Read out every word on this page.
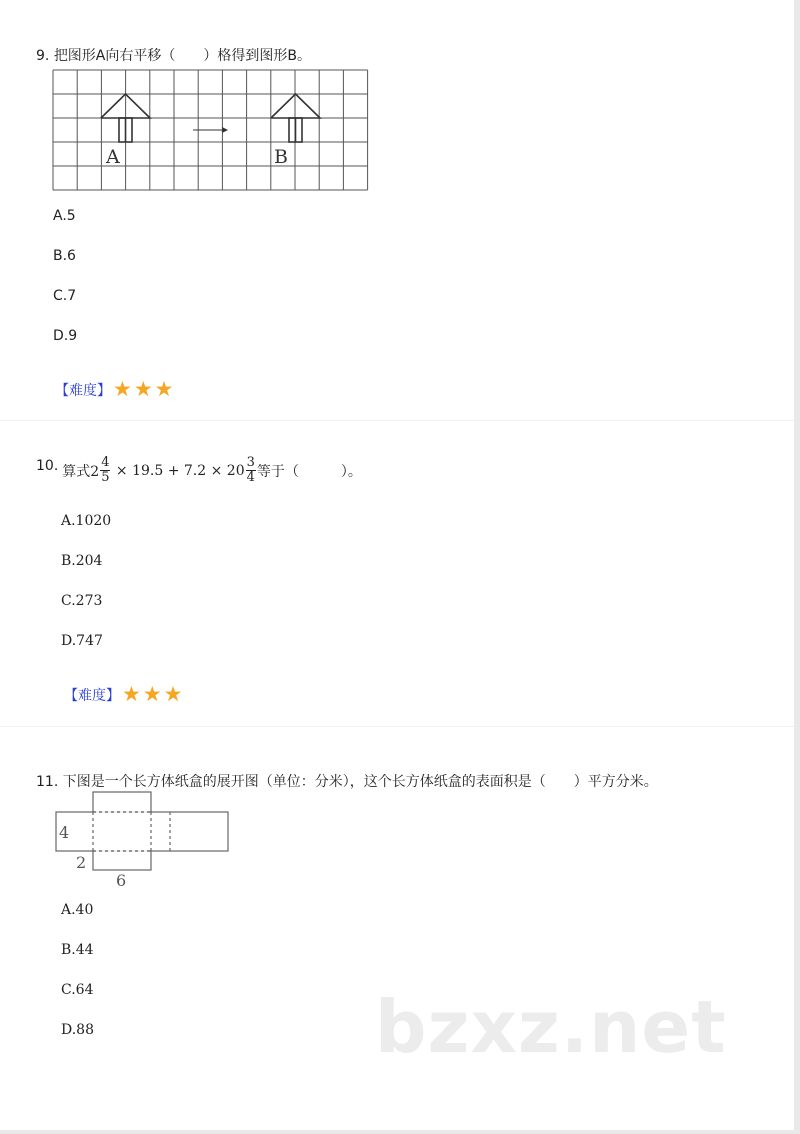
9. 把图形A向右平移（　　）格得到图形B。
A	B
A.5
B.6
C.7
D.9
【难度】 ★ ★ ★
10. 算式$2 \frac{4}{5} \times 19.5 + 7.2 \times 20 \frac{3}{4}$ 等于（　　　）。
A.1020
B.204
C.273
D.747
【难度】 ★ ★ ★
11. 下图是一个长方体纸盒的展开图（单位：分米），这个长方体纸盒的表面积是（　　）平方分米。
4
2
6
A.40
B.44
C.64
D.88	bzxz.net
